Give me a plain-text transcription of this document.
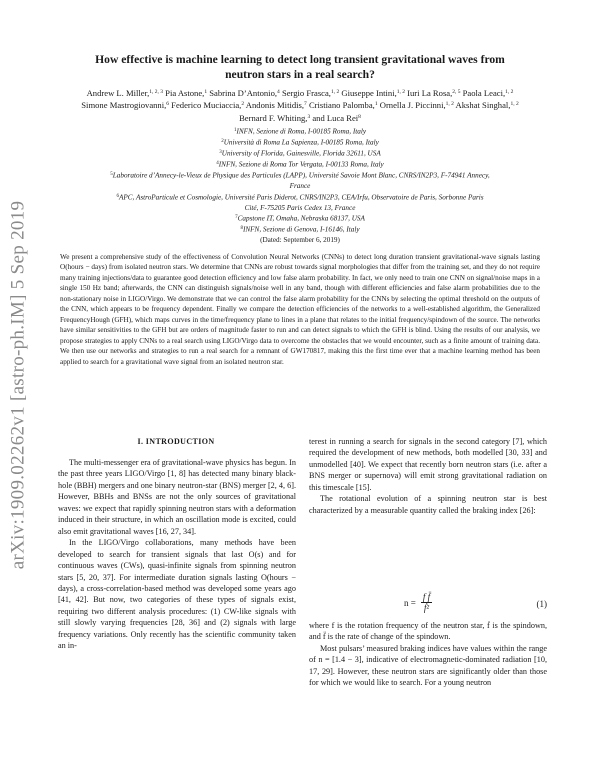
arXiv:1909.02262v1 [astro-ph.IM] 5 Sep 2019
How effective is machine learning to detect long transient gravitational waves from neutron stars in a real search?
Andrew L. Miller,$^{1, 2, 3}$ Pia Astone,$^1$ Sabrina D’Antonio,$^4$ Sergio Frasca,$^{1, 2}$ Giuseppe Intini,$^{1, 2}$ Iuri La Rosa,$^{2, 5}$ Paola Leaci,$^{1, 2}$ Simone Mastrogiovanni,$^6$ Federico Muciaccia,$^2$ Andonis Mitidis,$^7$ Cristiano Palomba,$^1$ Ornella J. Piccinni,$^{1, 2}$ Akshat Singhal,$^{1, 2}$ Bernard F. Whiting,$^3$ and Luca Rei$^8$
$^1$INFN, Sezione di Roma, I-00185 Roma, Italy
$^2$Università di Roma La Sapienza, I-00185 Roma, Italy
$^3$University of Florida, Gainesville, Florida 32611, USA
$^4$INFN, Sezione di Roma Tor Vergata, I-00133 Roma, Italy
$^5$Laboratoire d’Annecy-le-Vieux de Physique des Particules (LAPP), Université Savoie Mont Blanc, CNRS/IN2P3, F-74941 Annecy, France
$^6$APC, AstroParticule et Cosmologie, Université Paris Diderot, CNRS/IN2P3, CEA/Irfu, Observatoire de Paris, Sorbonne Paris Cité, F-75205 Paris Cedex 13, France
$^7$Capstone IT, Omaha, Nebraska 68137, USA
$^8$INFN, Sezione di Genova, I-16146, Italy
(Dated: September 6, 2019)
We present a comprehensive study of the effectiveness of Convolution Neural Networks (CNNs) to detect long duration transient gravitational-wave signals lasting O(hours − days) from isolated neutron stars. We determine that CNNs are robust towards signal morphologies that differ from the training set, and they do not require many training injections/data to guarantee good detection efficiency and low false alarm probability. In fact, we only need to train one CNN on signal/noise maps in a single 150 Hz band; afterwards, the CNN can distinguish signals/noise well in any band, though with different efficiencies and false alarm probabilities due to the non-stationary noise in LIGO/Virgo. We demonstrate that we can control the false alarm probability for the CNNs by selecting the optimal threshold on the outputs of the CNN, which appears to be frequency dependent. Finally we compare the detection efficiencies of the networks to a well-established algorithm, the Generalized FrequencyHough (GFH), which maps curves in the time/frequency plane to lines in a plane that relates to the initial frequency/spindown of the source. The networks have similar sensitivities to the GFH but are orders of magnitude faster to run and can detect signals to which the GFH is blind. Using the results of our analysis, we propose strategies to apply CNNs to a real search using LIGO/Virgo data to overcome the obstacles that we would encounter, such as a finite amount of training data. We then use our networks and strategies to run a real search for a remnant of GW170817, making this the first time ever that a machine learning method has been applied to search for a gravitational wave signal from an isolated neutron star.
I. INTRODUCTION

The multi-messenger era of gravitational-wave physics has begun. In the past three years LIGO/Virgo [1, 8] has detected many binary black-hole (BBH) mergers and one binary neutron-star (BNS) merger [2, 4, 6]. However, BBHs and BNSs are not the only sources of gravitational waves: we expect that rapidly spinning neutron stars with a deformation induced in their structure, in which an oscillation mode is excited, could also emit gravitational waves [16, 27, 34].

In the LIGO/Virgo collaborations, many methods have been developed to search for transient signals that last O(s) and for continuous waves (CWs), quasi-infinite signals from spinning neutron stars [5, 20, 37]. For intermediate duration signals lasting O(hours − days), a cross-correlation-based method was developed some years ago [41, 42]. But now, two categories of these types of signals exist, requiring two different analysis procedures: (1) CW-like signals with still slowly varying frequencies [28, 36] and (2) signals with large frequency variations. Only recently has the scientific community taken an in-

terest in running a search for signals in the second category [7], which required the development of new methods, both modelled [30, 33] and unmodelled [40]. We expect that recently born neutron stars (i.e. after a BNS merger or supernova) will emit strong gravitational radiation on this timescale [15].

The rotational evolution of a spinning neutron star is best characterized by a measurable quantity called the braking index [26]:

$n = \frac{\text{f f̈}}{\text{ḟ²}}$	(1)

where f is the rotation frequency of the neutron star, ḟ is the spindown, and f̈ is the rate of change of the spindown.

Most pulsars’ measured braking indices have values within the range of n = [1.4 − 3], indicative of electromagnetic-dominated radiation [10, 17, 29]. However, these neutron stars are significantly older than those for which we would like to search. For a young neutron
